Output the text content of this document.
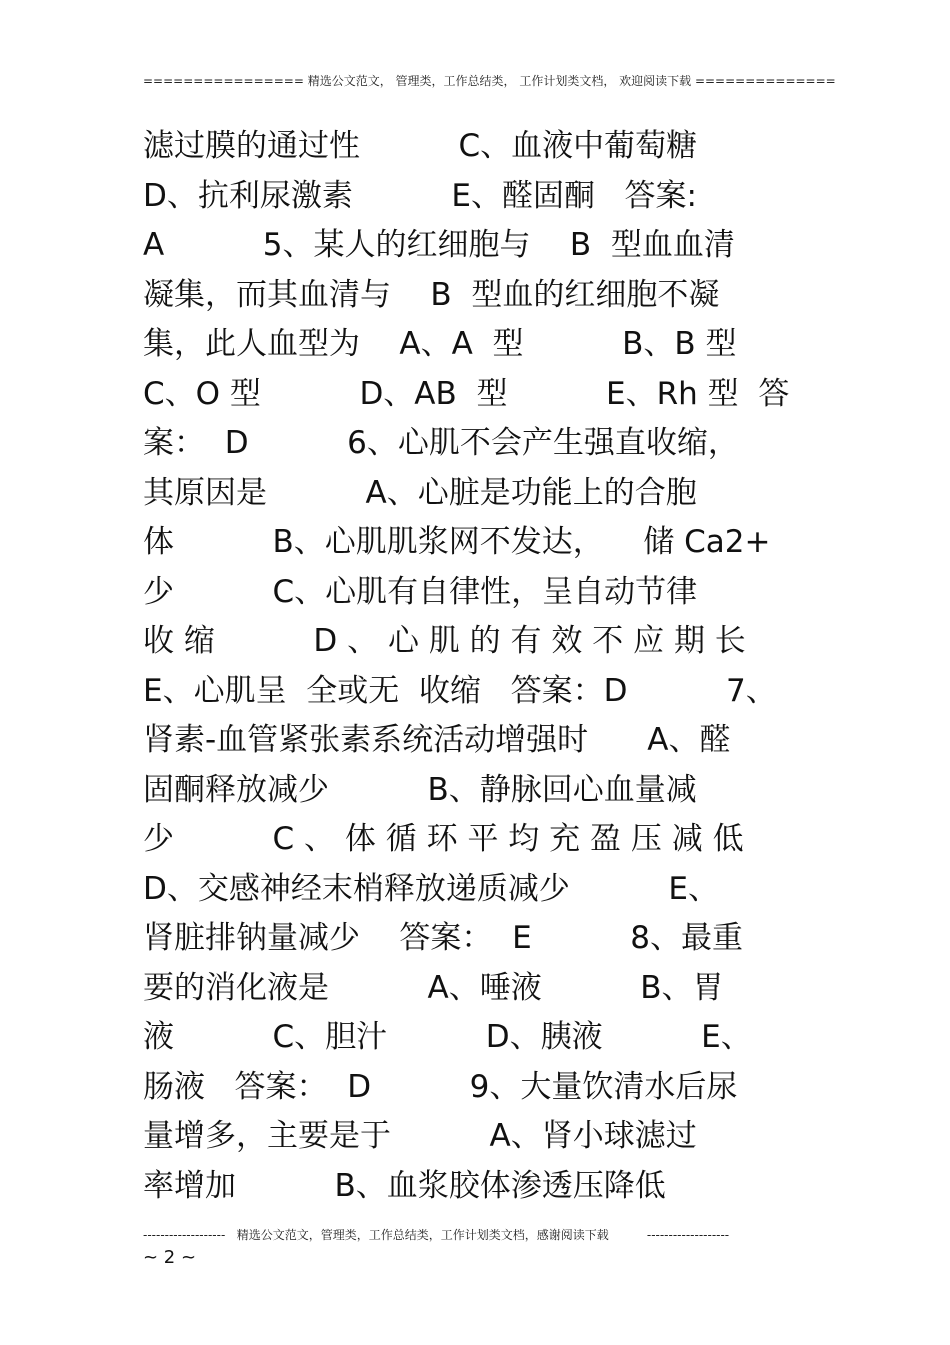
================ 精选公文范文， 管理类，工作总结类， 工作计划类文档， 欢迎阅读下载 ==============
滤过膜的通过性          C、血液中葡萄糖
D、抗利尿激素          E、醛固酮   答案:
A          5、某人的红细胞与    B  型血血清
凝集，而其血清与    B  型血的红细胞不凝
集，此人血型为    A、A  型          B、B 型
C、O 型          D、AB  型          E、Rh 型  答
案：  D          6、心肌不会产生强直收缩，
其原因是          A、心脏是功能上的合胞
体          B、心肌肌浆网不发达，    储 Ca2+
少          C、心肌有自律性，呈自动节律
收 缩          D 、 心 肌 的 有 效 不 应 期 长
E、心肌呈  全或无  收缩   答案：D          7、
肾素-血管紧张素系统活动增强时      A、醛
固酮释放减少          B、静脉回心血量减
少          C 、 体 循 环 平 均 充 盈 压 减 低
D、交感神经末梢释放递质减少          E、
肾脏排钠量减少    答案：  E          8、最重
要的消化液是          A、唾液          B、胃
液          C、胆汁          D、胰液          E、
肠液   答案：  D          9、大量饮清水后尿
量增多，主要是于          A、肾小球滤过
率增加          B、血浆胶体渗透压降低
-------------------   精选公文范文，管理类，工作总结类，工作计划类文档，感谢阅读下载          -------------------
~ 2 ~
